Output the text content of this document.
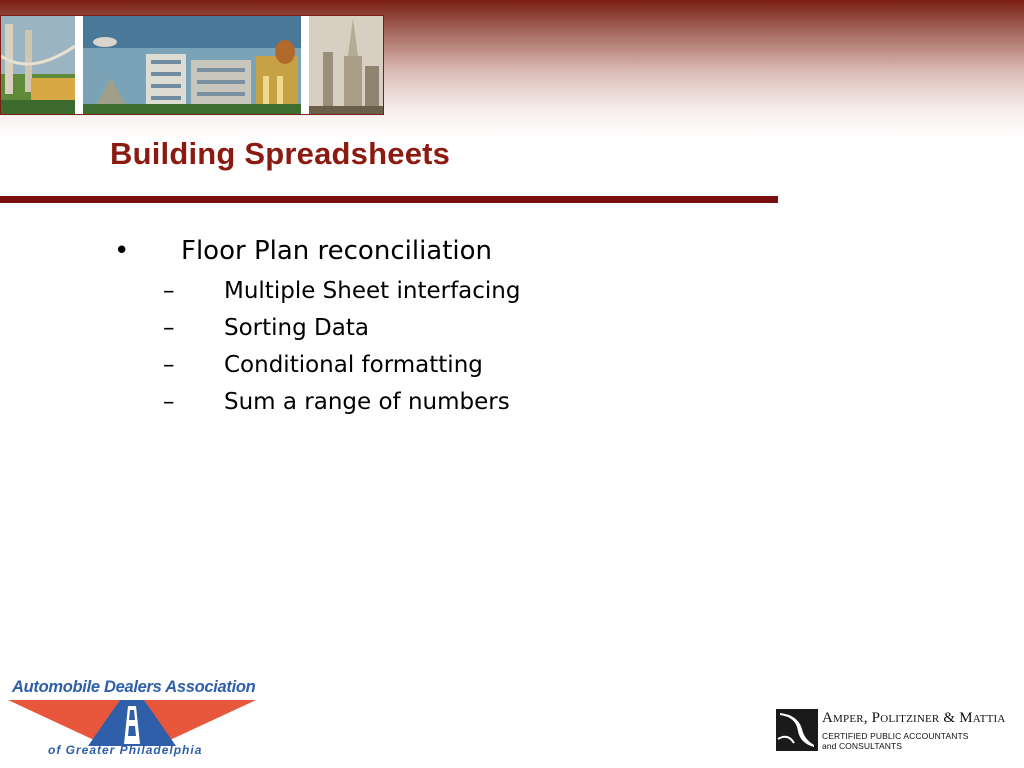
Building Spreadsheets
• Floor Plan reconciliation
– Multiple Sheet interfacing
– Sorting Data
– Conditional formatting
– Sum a range of numbers
Automobile Dealers Association
of Greater Philadelphia
Amper, Politziner & Mattia
CERTIFIED PUBLIC ACCOUNTANTS
and CONSULTANTS
